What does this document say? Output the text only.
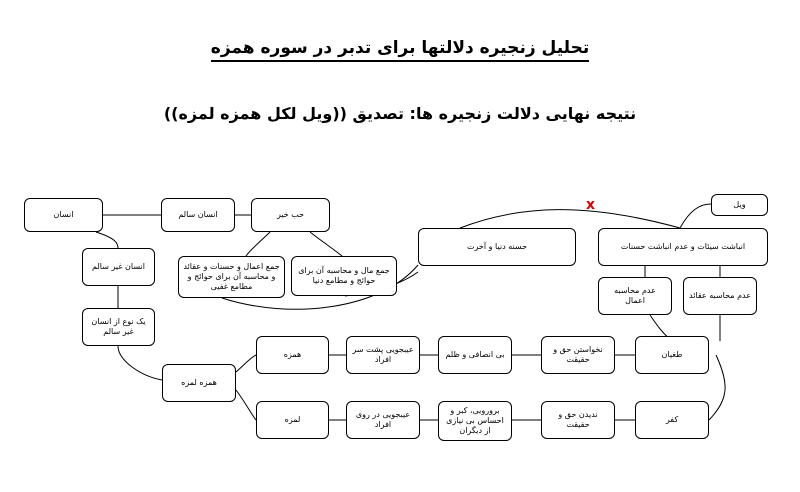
تحلیل زنجیره دلالتها برای تدبر در سوره همزه
نتیجه نهایی دلالت زنجیره ها: تصدیق ((ویل لکل همزه لمزه))
x
انسان	انسان سالم	حب خیر
انسان غیر سالم	جمع اعمال و حسنات و عقائد و محاسبه آن برای حوائج و مطامع غفیی
جمع مال و محاسبه آن برای حوائج و مطامع دنیا
یک نوع از انسان غیر سالم
همزه لمزه
همزه
عیبجویی پشت سر افراد
بی انصافی و ظلم
نخواستن حق و حقیقت
طغیان
لمزه
عیبجویی در روی افراد
برورویی، کبر و احساس بی نیازی از دیگران
ندیدن حق و حقیقت
کفر
حسنه دنیا و آخرت	انباشت سیئات و عدم انباشت حسنات
ویل
عدم محاسبه اعمال
عدم محاسبه عقائد
